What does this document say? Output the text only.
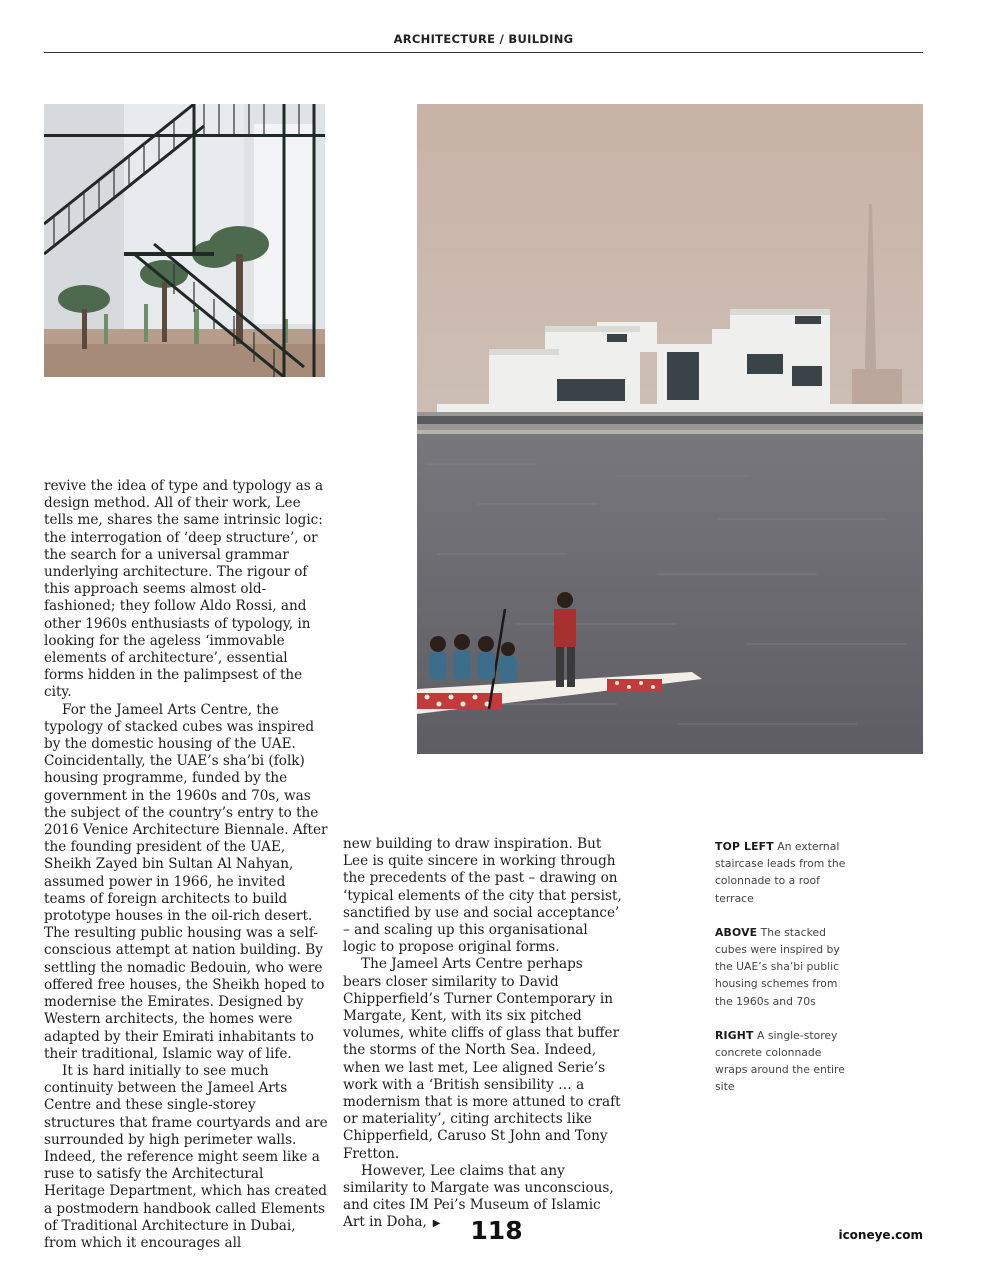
ARCHITECTURE / BUILDING

revive the idea of type and typology as a design method. All of their work, Lee tells me, shares the same intrinsic logic: the interrogation of ‘deep structure’, or the search for a universal grammar underlying architecture. The rigour of this approach seems almost old-fashioned; they follow Aldo Rossi, and other 1960s enthusiasts of typology, in looking for the ageless ‘immovable elements of architecture’, essential forms hidden in the palimpsest of the city.

For the Jameel Arts Centre, the typology of stacked cubes was inspired by the domestic housing of the UAE. Coincidentally, the UAE’s sha’bi (folk) housing programme, funded by the government in the 1960s and 70s, was the subject of the country’s entry to the 2016 Venice Architecture Biennale. After the founding president of the UAE, Sheikh Zayed bin Sultan Al Nahyan, assumed power in 1966, he invited teams of foreign architects to build prototype houses in the oil-rich desert. The resulting public housing was a self-conscious attempt at nation building. By settling the nomadic Bedouin, who were offered free houses, the Sheikh hoped to modernise the Emirates. Designed by Western architects, the homes were adapted by their Emirati inhabitants to their traditional, Islamic way of life.

It is hard initially to see much continuity between the Jameel Arts Centre and these single-storey structures that frame courtyards and are surrounded by high perimeter walls. Indeed, the reference might seem like a ruse to satisfy the Architectural Heritage Department, which has created a postmodern handbook called Elements of Traditional Architecture in Dubai, from which it encourages all

new building to draw inspiration. But Lee is quite sincere in working through the precedents of the past – drawing on ‘typical elements of the city that persist, sanctified by use and social acceptance’ – and scaling up this organisational logic to propose original forms.

The Jameel Arts Centre perhaps bears closer similarity to David Chipperfield’s Turner Contemporary in Margate, Kent, with its six pitched volumes, white cliffs of glass that buffer the storms of the North Sea. Indeed, when we last met, Lee aligned Serie’s work with a ‘British sensibility … a modernism that is more attuned to craft or materiality’, citing architects like Chipperfield, Caruso St John and Tony Fretton.

However, Lee claims that any similarity to Margate was unconscious, and cites IM Pei’s Museum of Islamic Art in Doha, ▶

TOP LEFT An external staircase leads from the colonnade to a roof terrace

ABOVE The stacked cubes were inspired by the UAE’s sha’bi public housing schemes from the 1960s and 70s

RIGHT A single-storey concrete colonnade wraps around the entire site

118	iconeye.com
